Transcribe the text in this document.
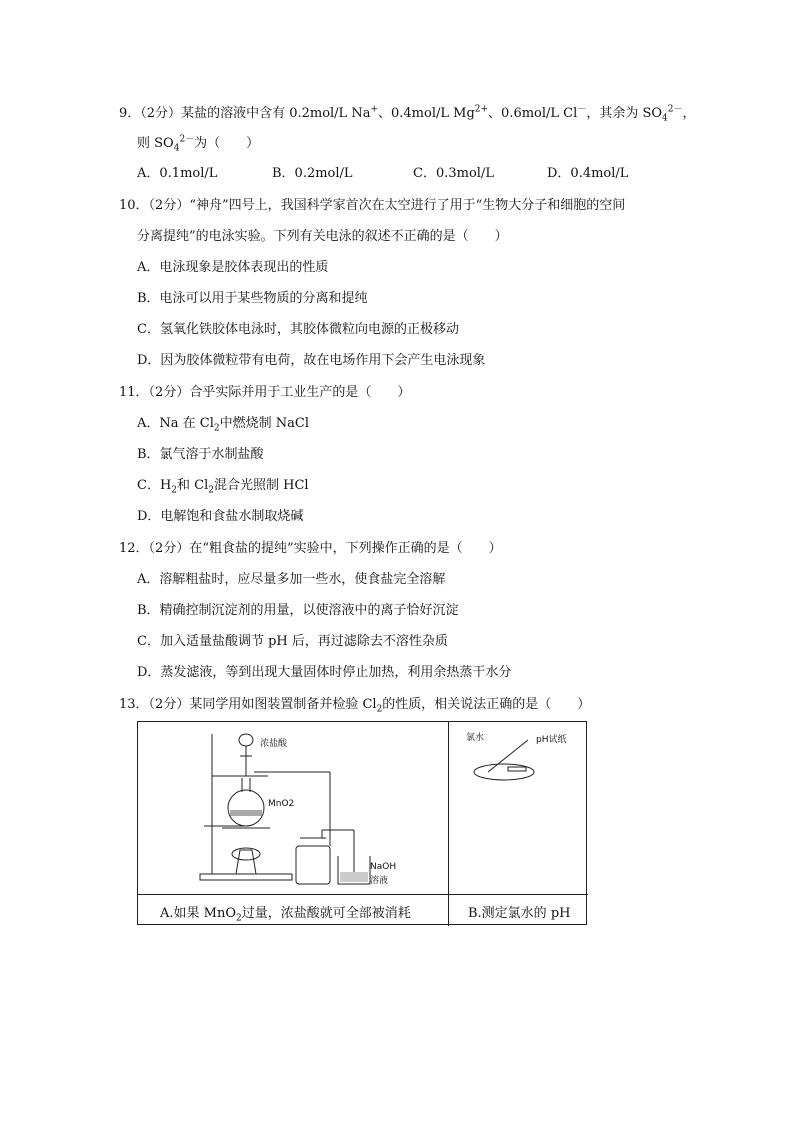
9．（2分）某盐的溶液中含有 0.2mol/L Na+、0.4mol/L $Mg^{2+}$、0.6mol/L Cl－，其余为 $SO_4^{2-}$，
则 $SO_4^{2-}$为（　　）
A．0.1mol/L	B．0.2mol/L	C．0.3mol/L	D．0.4mol/L
10．（2分）“神舟”四号上，我国科学家首次在太空进行了用于“生物大分子和细胞的空间
分离提纯”的电泳实验。下列有关电泳的叙述不正确的是（　　）
A．电泳现象是胶体表现出的性质
B．电泳可以用于某些物质的分离和提纯
C．氢氧化铁胶体电泳时，其胶体微粒向电源的正极移动
D．因为胶体微粒带有电荷，故在电场作用下会产生电泳现象
11．（2分）合乎实际并用于工业生产的是（　　）
A．Na 在 $Cl_2$中燃烧制 NaCl
B．氯气溶于水制盐酸
C．$H_2$和 $Cl_2$混合光照制 HCl
D．电解饱和食盐水制取烧碱
12．（2分）在“粗食盐的提纯”实验中，下列操作正确的是（　　）
A．溶解粗盐时，应尽量多加一些水，使食盐完全溶解
B．精确控制沉淀剂的用量，以使溶液中的离子恰好沉淀
C．加入适量盐酸调节 pH 后，再过滤除去不溶性杂质
D．蒸发滤液，等到出现大量固体时停止加热，利用余热蒸干水分
13．（2分）某同学用如图装置制备并检验 $Cl_2$的性质，相关说法正确的是（　　）
浓盐酸
MnO2
NaOH
溶液
氯水	pH试纸
A.如果 MnO$_2$过量，浓盐酸就可全部被消耗	B.测定氯水的 pH
